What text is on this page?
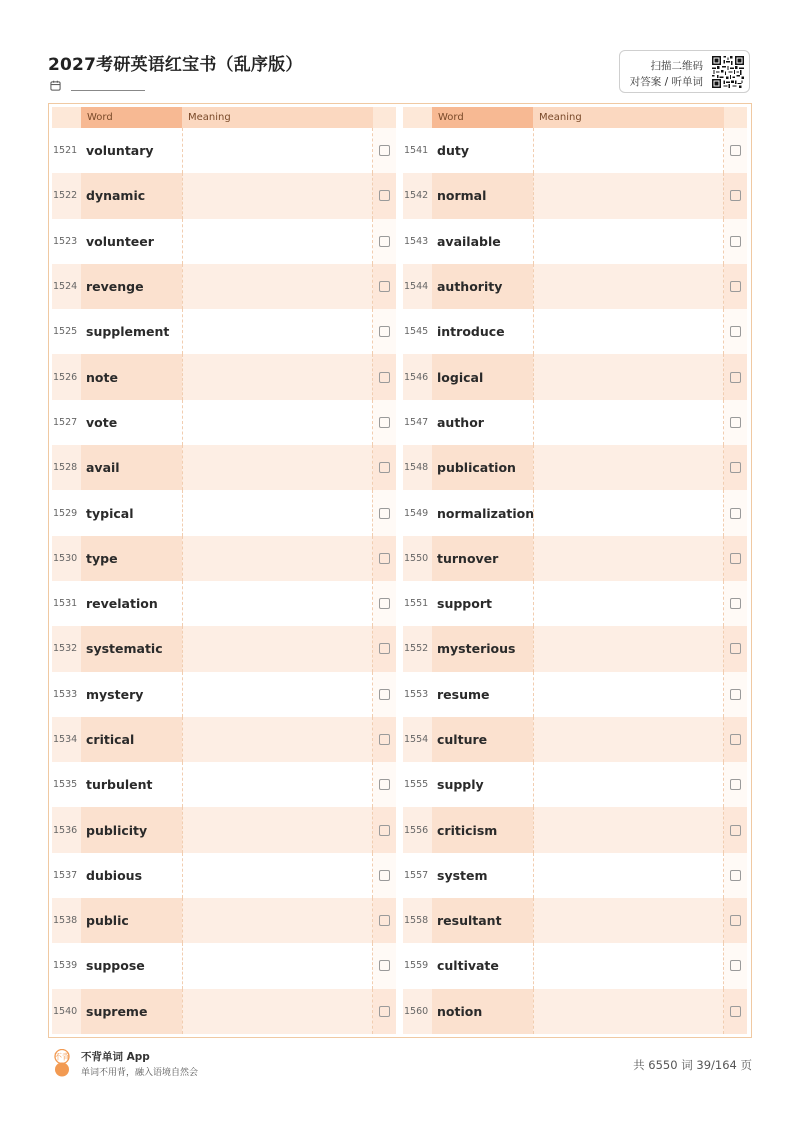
2027考研英语红宝书（乱序版）	扫描二维码
对答案 / 听单词
Word	Meaning
1521 voluntary
1522 dynamic
1523 volunteer
1524 revenge
1525 supplement
1526 note
1527 vote
1528 avail
1529 typical
1530 type
1531 revelation
1532 systematic
1533 mystery
1534 critical
1535 turbulent
1536 publicity
1537 dubious
1538 public
1539 suppose
1540 supreme
Word	Meaning
1541 duty
1542 normal
1543 available
1544 authority
1545 introduce
1546 logical
1547 author
1548 publication
1549 normalization
1550 turnover
1551 support
1552 mysterious
1553 resume
1554 culture
1555 supply
1556 criticism
1557 system
1558 resultant
1559 cultivate
1560 notion
不背 不背单词 App
单词不用背，融入语境自然会
共 6550 词 39/164 页
